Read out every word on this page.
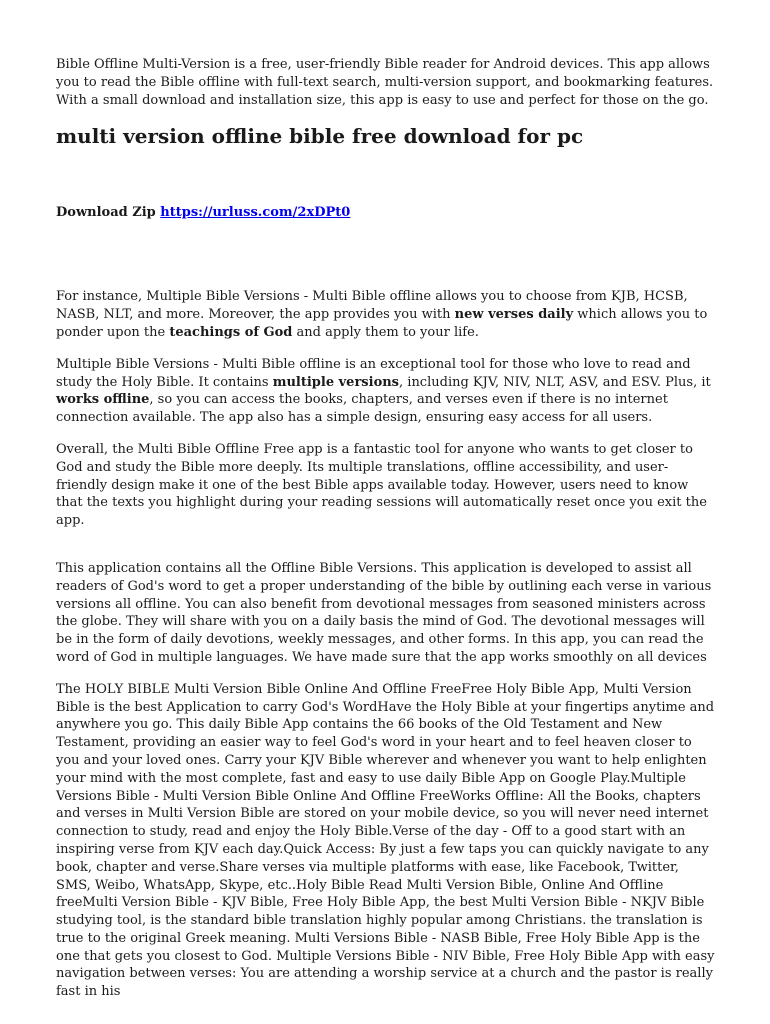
Bible Offline Multi-Version is a free, user-friendly Bible reader for Android devices. This app allows you to read the Bible offline with full-text search, multi-version support, and bookmarking features. With a small download and installation size, this app is easy to use and perfect for those on the go.

multi version offline bible free download for pc
Download Zip https://urluss.com/2xDPt0

For instance, Multiple Bible Versions - Multi Bible offline allows you to choose from KJB, HCSB, NASB, NLT, and more. Moreover, the app provides you with new verses daily which allows you to ponder upon the teachings of God and apply them to your life.

Multiple Bible Versions - Multi Bible offline is an exceptional tool for those who love to read and study the Holy Bible. It contains multiple versions, including KJV, NIV, NLT, ASV, and ESV. Plus, it works offline, so you can access the books, chapters, and verses even if there is no internet connection available. The app also has a simple design, ensuring easy access for all users.

Overall, the Multi Bible Offline Free app is a fantastic tool for anyone who wants to get closer to God and study the Bible more deeply. Its multiple translations, offline accessibility, and user-friendly design make it one of the best Bible apps available today. However, users need to know that the texts you highlight during your reading sessions will automatically reset once you exit the app.

This application contains all the Offline Bible Versions. This application is developed to assist all readers of God's word to get a proper understanding of the bible by outlining each verse in various versions all offline. You can also benefit from devotional messages from seasoned ministers across the globe. They will share with you on a daily basis the mind of God. The devotional messages will be in the form of daily devotions, weekly messages, and other forms. In this app, you can read the word of God in multiple languages. We have made sure that the app works smoothly on all devices

The HOLY BIBLE Multi Version Bible Online And Offline FreeFree Holy Bible App, Multi Version Bible is the best Application to carry God's WordHave the Holy Bible at your fingertips anytime and anywhere you go. This daily Bible App contains the 66 books of the Old Testament and New Testament, providing an easier way to feel God's word in your heart and to feel heaven closer to you and your loved ones. Carry your KJV Bible wherever and whenever you want to help enlighten your mind with the most complete, fast and easy to use daily Bible App on Google Play.Multiple Versions Bible - Multi Version Bible Online And Offline FreeWorks Offline: All the Books, chapters and verses in Multi Version Bible are stored on your mobile device, so you will never need internet connection to study, read and enjoy the Holy Bible.Verse of the day - Off to a good start with an inspiring verse from KJV each day.Quick Access: By just a few taps you can quickly navigate to any book, chapter and verse.Share verses via multiple platforms with ease, like Facebook, Twitter, SMS, Weibo, WhatsApp, Skype, etc..Holy Bible Read Multi Version Bible, Online And Offline freeMulti Version Bible - KJV Bible, Free Holy Bible App, the best Multi Version Bible - NKJV Bible studying tool, is the standard bible translation highly popular among Christians. the translation is true to the original Greek meaning. Multi Versions Bible - NASB Bible, Free Holy Bible App is the one that gets you closest to God. Multiple Versions Bible - NIV Bible, Free Holy Bible App with easy navigation between verses: You are attending a worship service at a church and the pastor is really fast in his
